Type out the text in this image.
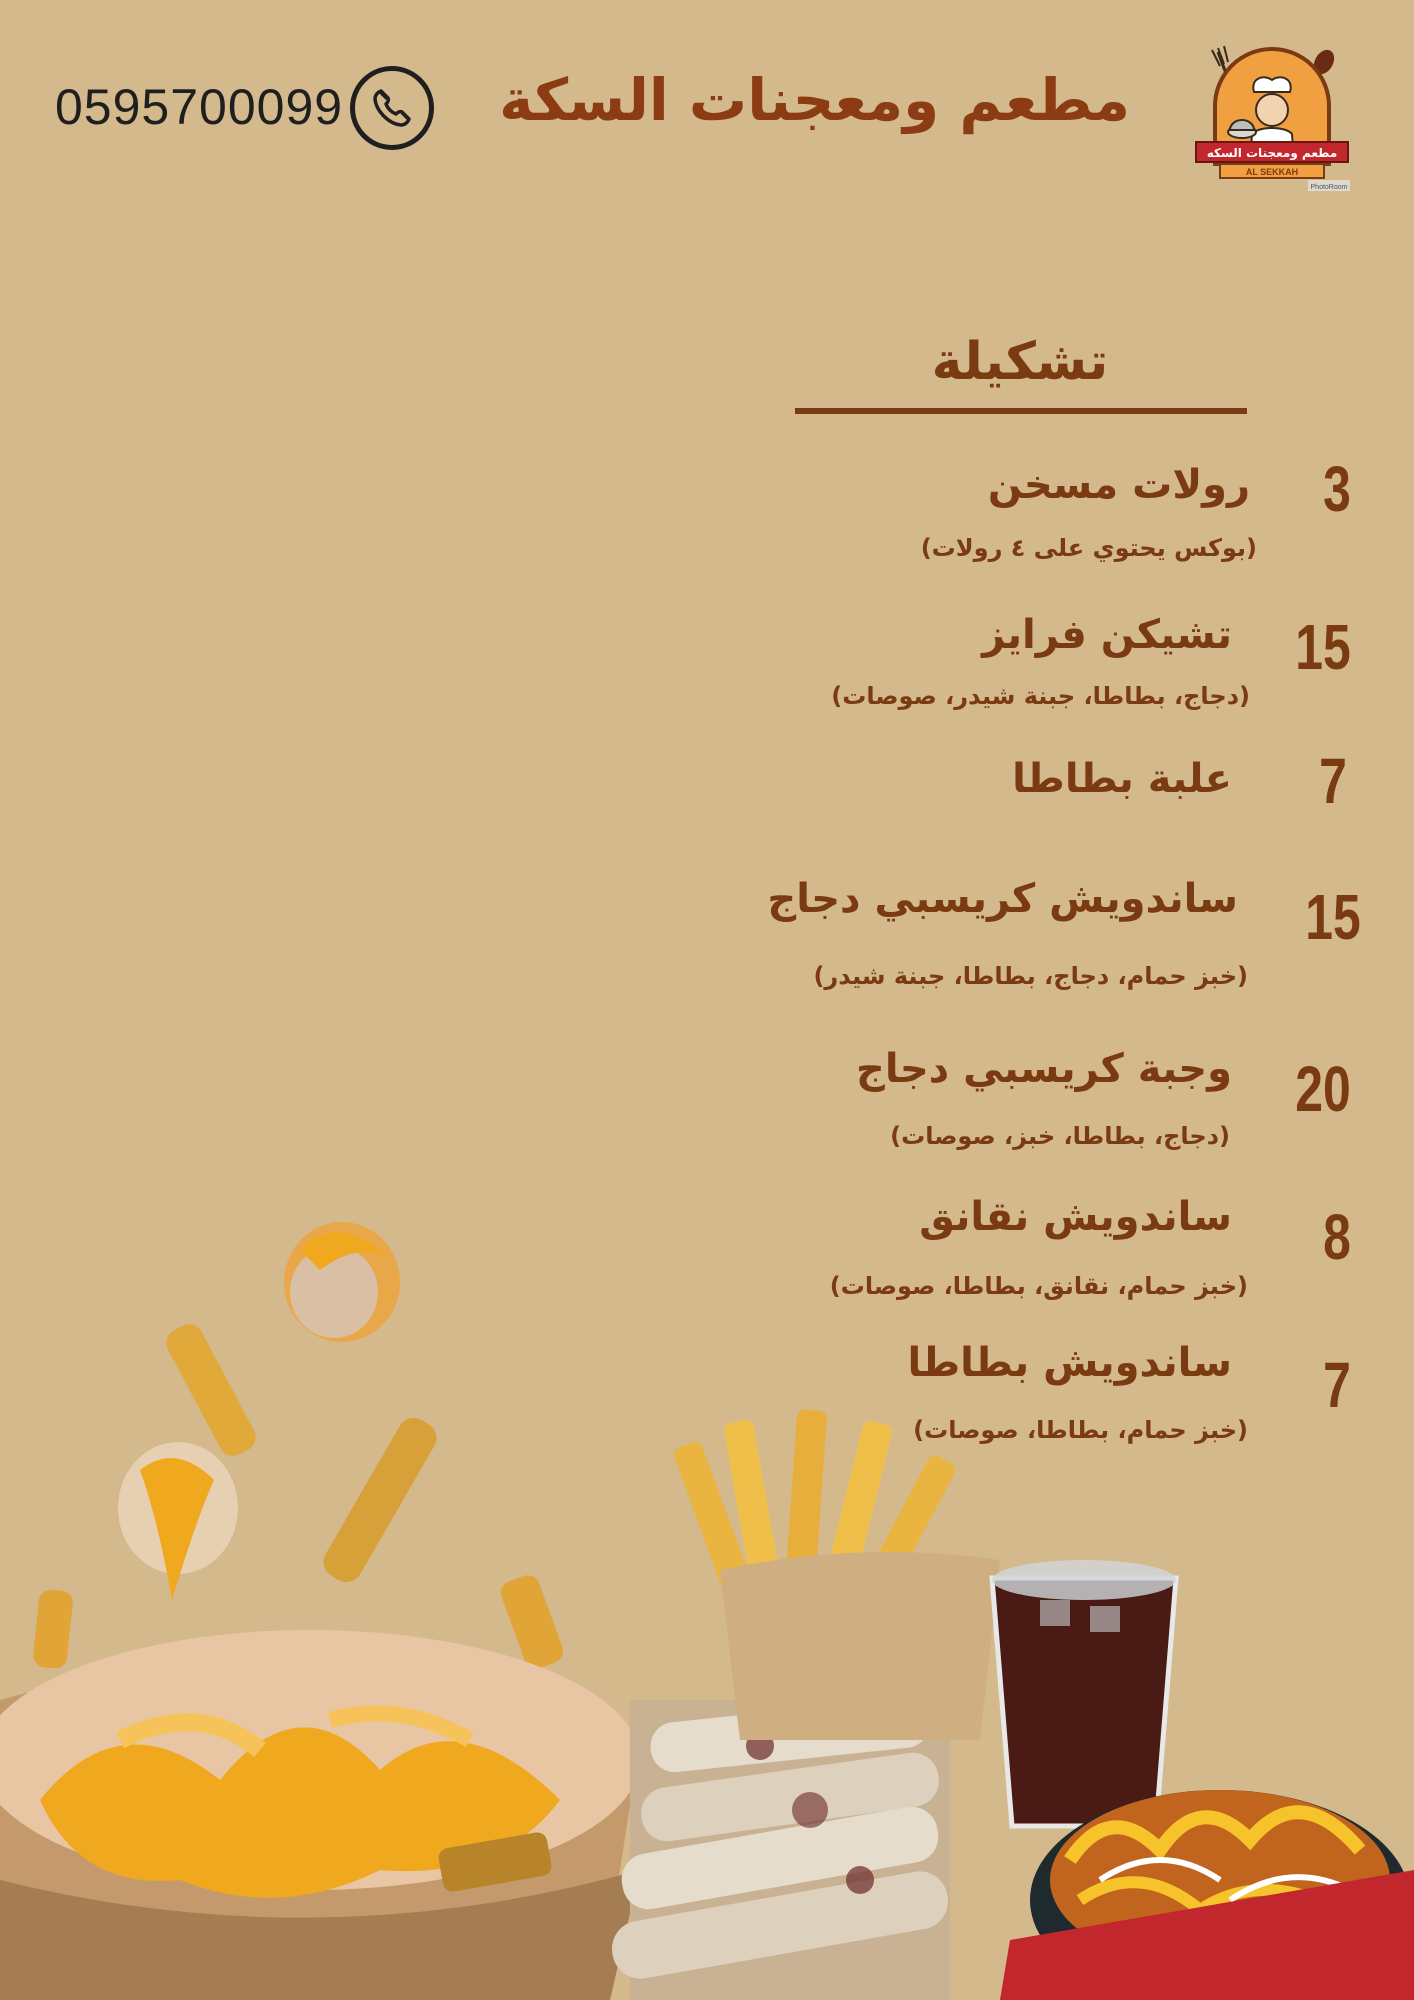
0595700099	مطعم ومعجنات السكة
مطعم ومعجنات السكه
AL SEKKAH
PhotoRoom
تشكيلة
رولات مسخن
(بوكس يحتوي على ٤ رولات)
3
تشيكن فرايز
(دجاج، بطاطا، جبنة شيدر، صوصات)
15
علبة بطاطا	7
ساندويش كريسبي دجاج
(خبز حمام، دجاج، بطاطا، جبنة شيدر)
15
وجبة كريسبي دجاج
(دجاج، بطاطا، خبز، صوصات)
20
ساندويش نقانق
(خبز حمام، نقانق، بطاطا، صوصات)
8
ساندويش بطاطا
(خبز حمام، بطاطا، صوصات)
7
